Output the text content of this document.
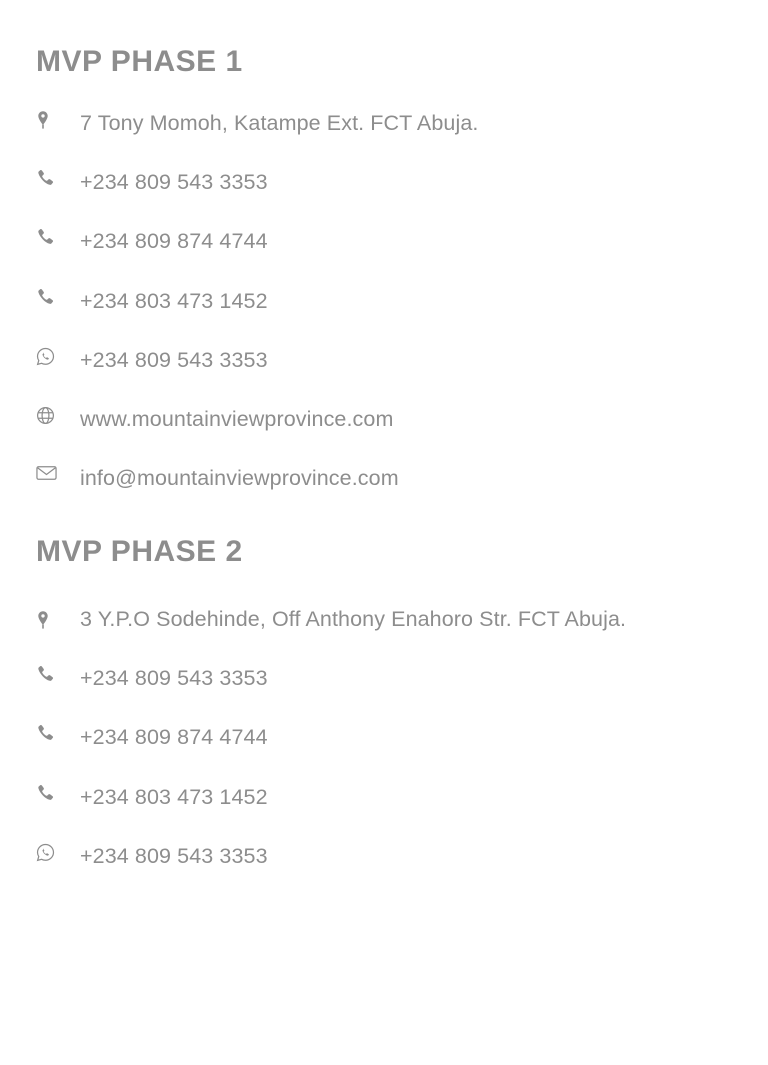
MVP PHASE 1
7 Tony Momoh, Katampe Ext. FCT Abuja.
+234 809 543 3353
+234 809 874 4744
+234 803 473 1452
+234 809 543 3353
www.mountainviewprovince.com
info@mountainviewprovince.com
MVP PHASE 2
3 Y.P.O Sodehinde, Off Anthony Enahoro Str. FCT Abuja.
+234 809 543 3353
+234 809 874 4744
+234 803 473 1452
+234 809 543 3353
